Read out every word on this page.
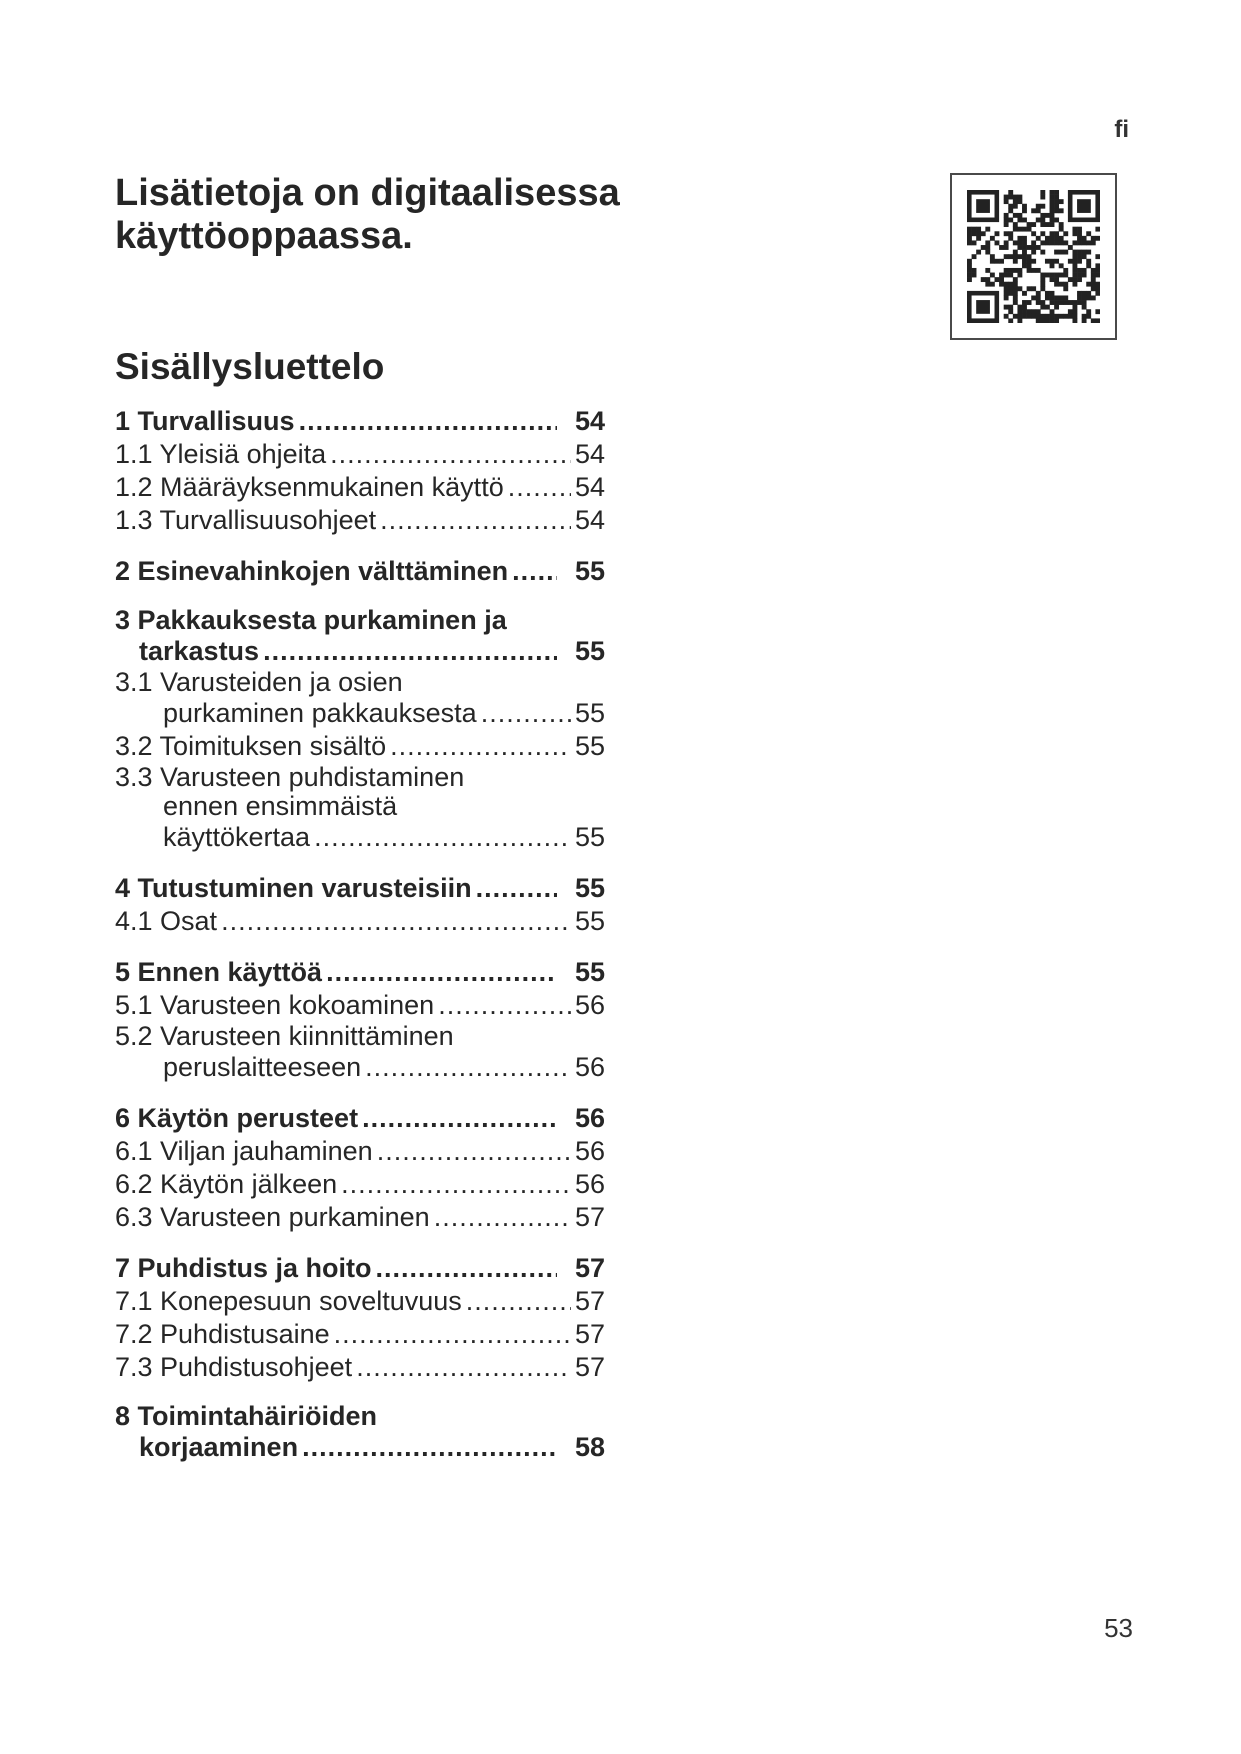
fi
Lisätietoja on digitaalisessa
käyttöoppaassa.
Sisällysluettelo
1 Turvallisuus .....	54
1.1 Yleisiä ohjeita .....	54
1.2 Määräyksenmukainen käyttö .....	54
1.3 Turvallisuusohjeet .....	54
2 Esinevahinkojen välttäminen ..... 55
3 Pakkauksesta purkaminen ja
tarkastus .....	55
3.1 Varusteiden ja osien
purkaminen pakkauksesta .....	55
3.2 Toimituksen sisältö .....	55
3.3 Varusteen puhdistaminen
ennen ensimmäistä
käyttökertaa .....	55
4 Tutustuminen varusteisiin .....	55
4.1 Osat .....	55
5 Ennen käyttöä .....	55
5.1 Varusteen kokoaminen .....	56
5.2 Varusteen kiinnittäminen
peruslaitteeseen .....	56
6 Käytön perusteet .....	56
6.1 Viljan jauhaminen .....	56
6.2 Käytön jälkeen .....	56
6.3 Varusteen purkaminen .....	57
7 Puhdistus ja hoito .....	57
7.1 Konepesuun soveltuvuus .....	57
7.2 Puhdistusaine .....	57
7.3 Puhdistusohjeet .....	57
8 Toimintahäiriöiden
korjaaminen .....	58
53
